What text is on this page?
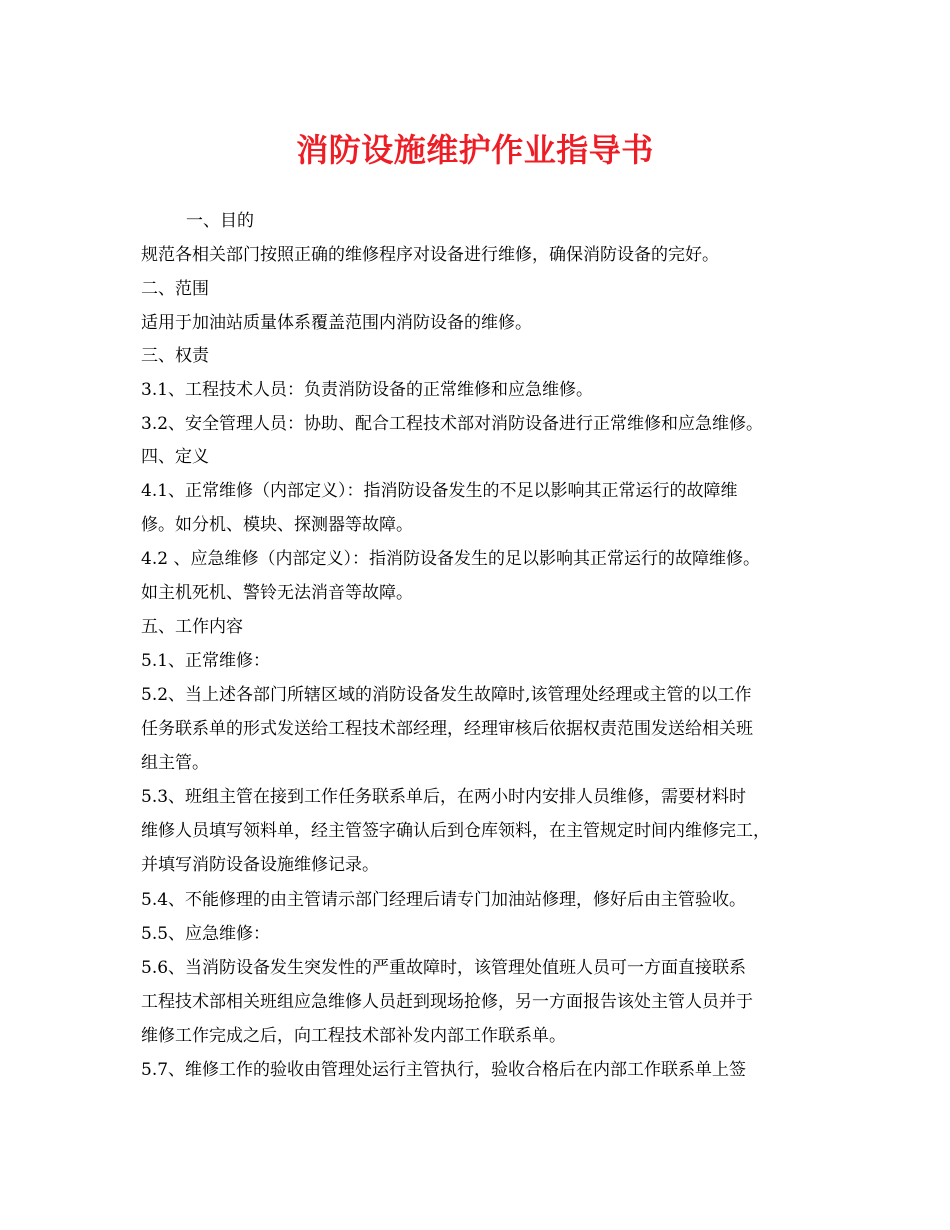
消防设施维护作业指导书
一、目的
规范各相关部门按照正确的维修程序对设备进行维修，确保消防设备的完好。
二、范围
适用于加油站质量体系覆盖范围内消防设备的维修。
三、权责
3.1、工程技术人员：负责消防设备的正常维修和应急维修。
3.2、安全管理人员：协助、配合工程技术部对消防设备进行正常维修和应急维修。
四、定义
4.1、正常维修（内部定义）：指消防设备发生的不足以影响其正常运行的故障维
修。如分机、模块、探测器等故障。
4.2 、应急维修（内部定义）：指消防设备发生的足以影响其正常运行的故障维修。
如主机死机、警铃无法消音等故障。
五、工作内容
5.1、正常维修：
5.2、当上述各部门所辖区域的消防设备发生故障时,该管理处经理或主管的以工作
任务联系单的形式发送给工程技术部经理，经理审核后依据权责范围发送给相关班
组主管。
5.3、班组主管在接到工作任务联系单后，在两小时内安排人员维修，需要材料时
维修人员填写领料单，经主管签字确认后到仓库领料，在主管规定时间内维修完工，
并填写消防设备设施维修记录。
5.4、不能修理的由主管请示部门经理后请专门加油站修理，修好后由主管验收。
5.5、应急维修：
5.6、当消防设备发生突发性的严重故障时，该管理处值班人员可一方面直接联系
工程技术部相关班组应急维修人员赶到现场抢修，另一方面报告该处主管人员并于
维修工作完成之后，向工程技术部补发内部工作联系单。
5.7、维修工作的验收由管理处运行主管执行，验收合格后在内部工作联系单上签
